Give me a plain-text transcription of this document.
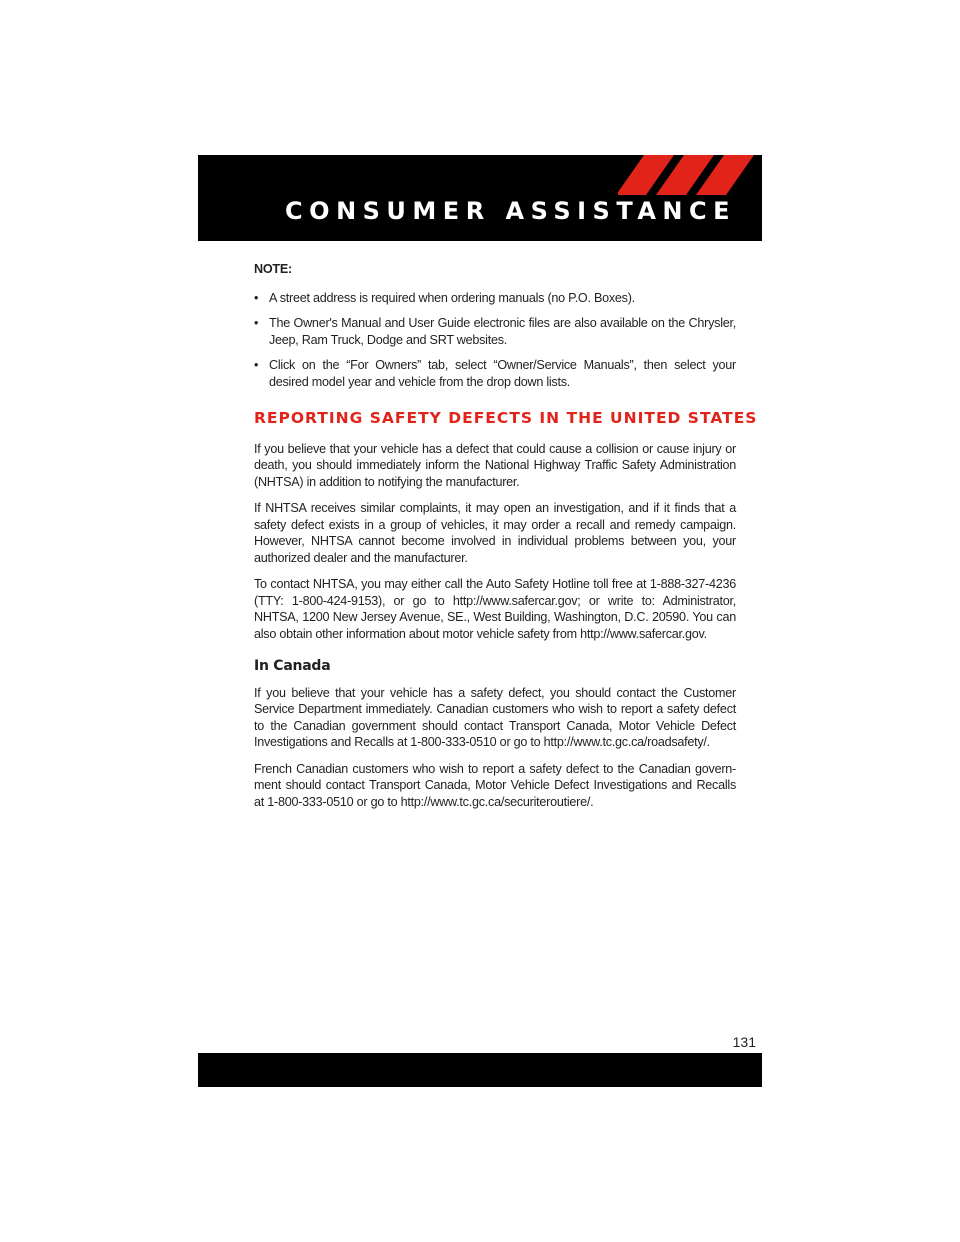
CONSUMER ASSISTANCE
NOTE:
• A street address is required when ordering manuals (no P.O. Boxes).
• The Owner's Manual and User Guide electronic files are also available on the Chrysler, Jeep, Ram Truck, Dodge and SRT websites.
• Click on the “For Owners” tab, select “Owner/Service Manuals”, then select your desired model year and vehicle from the drop down lists.
REPORTING SAFETY DEFECTS IN THE UNITED STATES

If you believe that your vehicle has a defect that could cause a collision or cause injury or death, you should immediately inform the National Highway Traffic Safety Administration (NHTSA) in addition to notifying the manufacturer.

If NHTSA receives similar complaints, it may open an investigation, and if it finds that a safety defect exists in a group of vehicles, it may order a recall and remedy campaign. However, NHTSA cannot become involved in individual problems between you, your authorized dealer and the manufacturer.

To contact NHTSA, you may either call the Auto Safety Hotline toll free at 1-888-327-4236 (TTY: 1-800-424-9153), or go to http://www.safercar.gov; or write to: Administrator, NHTSA, 1200 New Jersey Avenue, SE., West Building, Washington, D.C. 20590. You can also obtain other information about motor vehicle safety from http://www.safercar.gov.

In Canada

If you believe that your vehicle has a safety defect, you should contact the Customer Service Department immediately. Canadian customers who wish to report a safety defect to the Canadian government should contact Transport Canada, Motor Vehicle Defect Investigations and Recalls at 1-800-333-0510 or go to http://www.tc.gc.ca/roadsafety/.

French Canadian customers who wish to report a safety defect to the Canadian govern-ment should contact Transport Canada, Motor Vehicle Defect Investigations and Recalls at 1-800-333-0510 or go to http://www.tc.gc.ca/securiteroutiere/.

131
